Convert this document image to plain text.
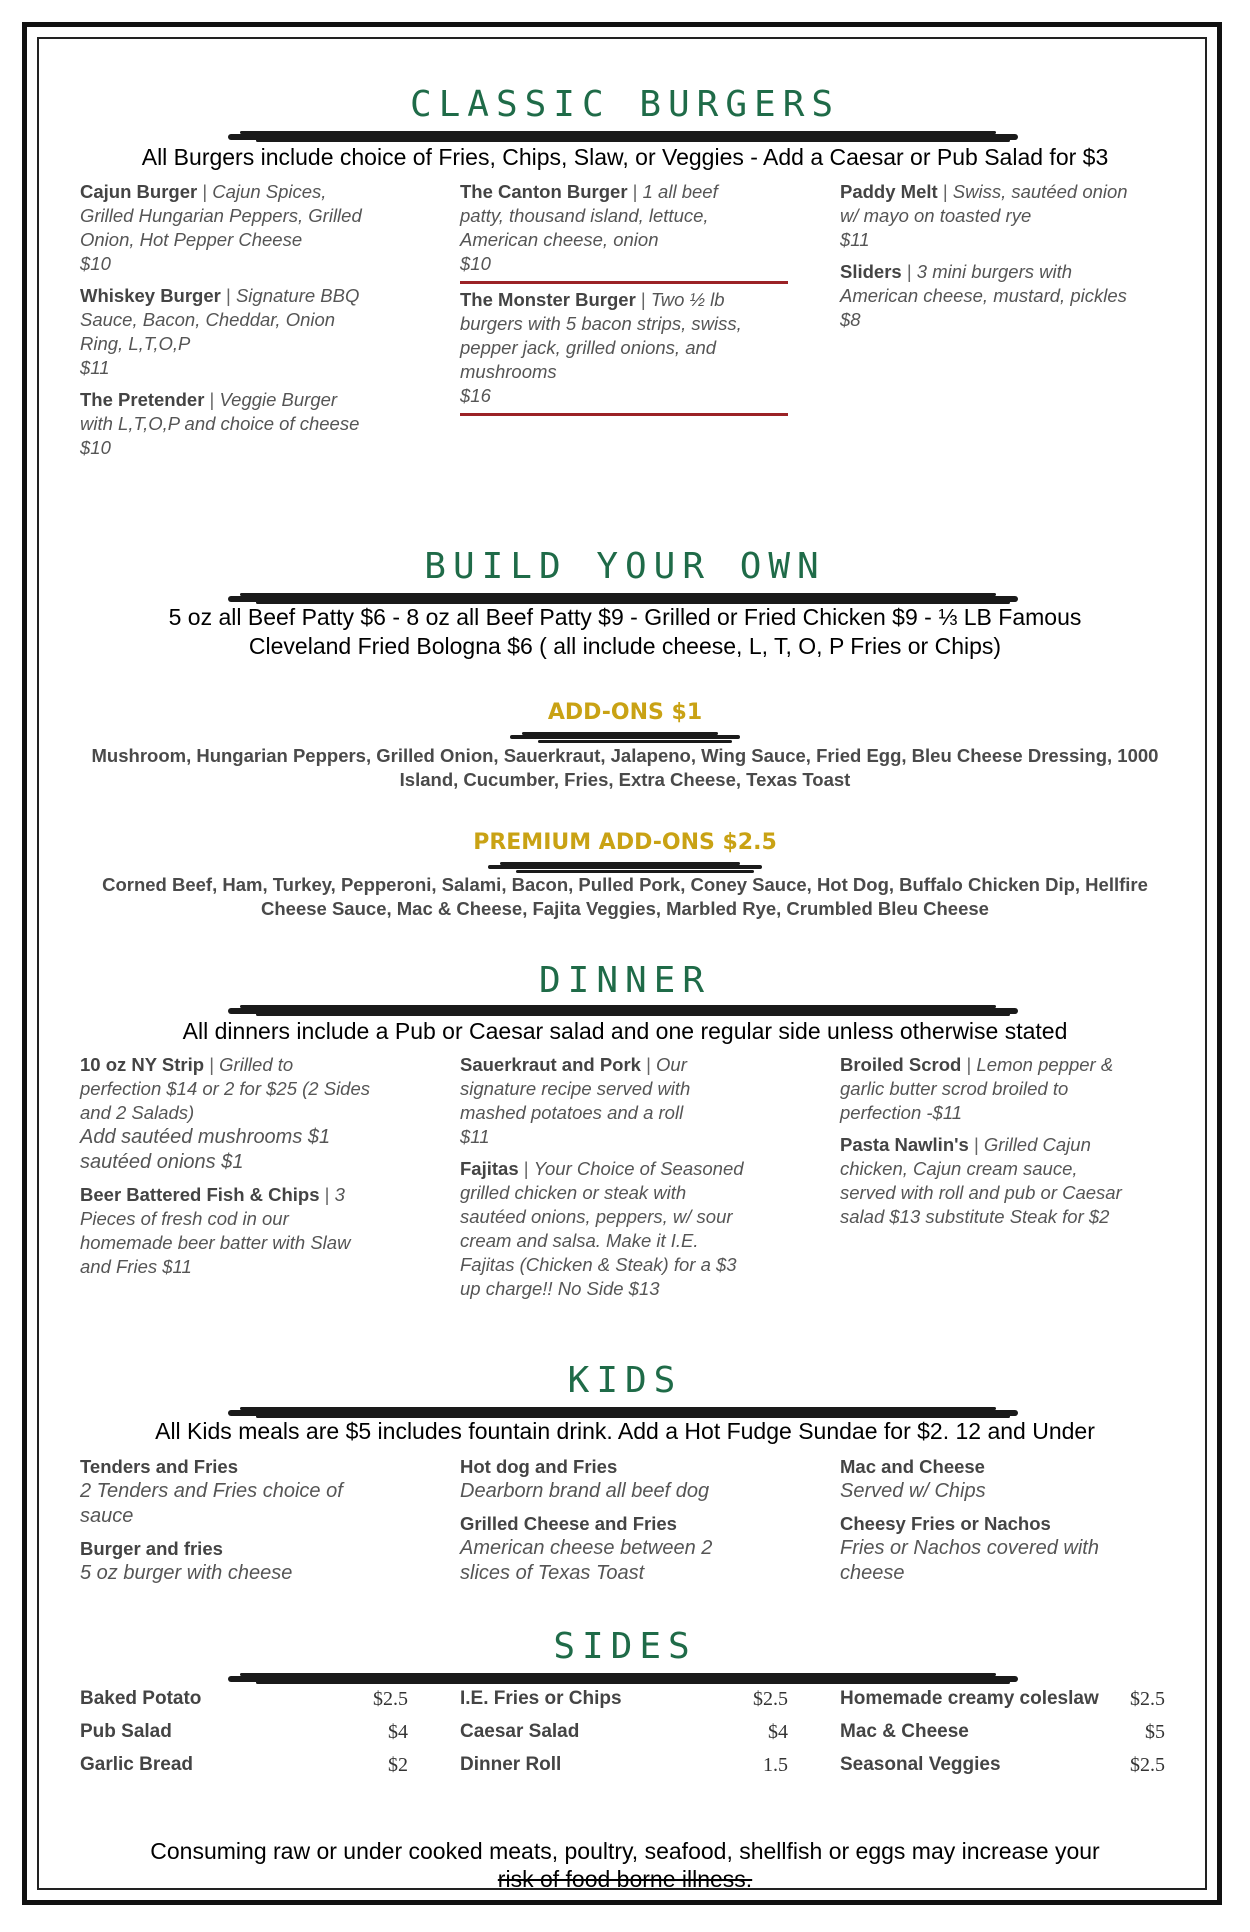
CLASSIC BURGERS
All Burgers include choice of Fries, Chips, Slaw, or Veggies - Add a Caesar or Pub Salad for $3
Cajun Burger | Cajun Spices, Grilled Hungarian Peppers, Grilled Onion, Hot Pepper Cheese
$10
Whiskey Burger | Signature BBQ Sauce, Bacon, Cheddar, Onion Ring, L,T,O,P
$11
The Pretender | Veggie Burger with L,T,O,P and choice of cheese
$10
The Canton Burger | 1 all beef patty, thousand island, lettuce, American cheese, onion
$10
The Monster Burger | Two ½ lb burgers with 5 bacon strips, swiss, pepper jack, grilled onions, and mushrooms
$16
Paddy Melt | Swiss, sautéed onion w/ mayo on toasted rye
$11
Sliders | 3 mini burgers with American cheese, mustard, pickles
$8
BUILD YOUR OWN
5 oz all Beef Patty $6 - 8 oz all Beef Patty $9 - Grilled or Fried Chicken $9 - ⅓ LB Famous
Cleveland Fried Bologna $6 ( all include cheese, L, T, O, P Fries or Chips)
ADD-ONS $1
Mushroom, Hungarian Peppers, Grilled Onion, Sauerkraut, Jalapeno, Wing Sauce, Fried Egg, Bleu Cheese Dressing, 1000 Island, Cucumber, Fries, Extra Cheese, Texas Toast
PREMIUM ADD-ONS $2.5
Corned Beef, Ham, Turkey, Pepperoni, Salami, Bacon, Pulled Pork, Coney Sauce, Hot Dog, Buffalo Chicken Dip, Hellfire Cheese Sauce, Mac & Cheese, Fajita Veggies, Marbled Rye, Crumbled Bleu Cheese
DINNER
All dinners include a Pub or Caesar salad and one regular side unless otherwise stated
10 oz NY Strip | Grilled to perfection $14 or 2 for $25 (2 Sides and 2 Salads)
Add sautéed mushrooms $1 sautéed onions $1
Beer Battered Fish & Chips | 3 Pieces of fresh cod in our homemade beer batter with Slaw and Fries $11
Sauerkraut and Pork | Our signature recipe served with mashed potatoes and a roll
$11
Fajitas | Your Choice of Seasoned grilled chicken or steak with sautéed onions, peppers, w/ sour cream and salsa. Make it I.E. Fajitas (Chicken & Steak) for a $3 up charge!! No Side $13
Broiled Scrod | Lemon pepper & garlic butter scrod broiled to perfection -$11
Pasta Nawlin's | Grilled Cajun chicken, Cajun cream sauce, served with roll and pub or Caesar salad $13 substitute Steak for $2
KIDS
All Kids meals are $5 includes fountain drink. Add a Hot Fudge Sundae for $2. 12 and Under
Tenders and Fries
2 Tenders and Fries choice of sauce
Burger and fries
5 oz burger with cheese
Hot dog and Fries
Dearborn brand all beef dog
Grilled Cheese and Fries
American cheese between 2 slices of Texas Toast
Mac and Cheese
Served w/ Chips
Cheesy Fries or Nachos
Fries or Nachos covered with cheese
SIDES
Baked Potato	$2.5
Pub Salad	$4
Garlic Bread	$2
I.E. Fries or Chips	$2.5
Caesar Salad	$4
Dinner Roll	1.5
Homemade creamy coleslaw $2.5
Mac & Cheese	$5
Seasonal Veggies	$2.5
Consuming raw or under cooked meats, poultry, seafood, shellfish or eggs may increase your
risk of food borne illness.
